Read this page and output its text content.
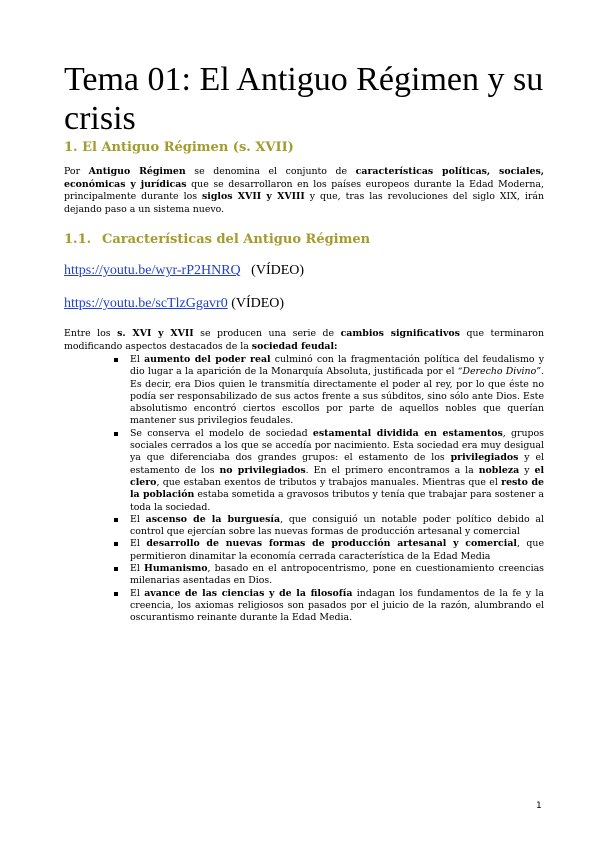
Tema 01: El Antiguo Régimen y su crisis
1. El Antiguo Régimen (s. XVII)
Por Antiguo Régimen se denomina el conjunto de características políticas, sociales, económicas y jurídicas que se desarrollaron en los países europeos durante la Edad Moderna, principalmente durante los siglos XVII y XVIII y que, tras las revoluciones del siglo XIX, irán dejando paso a un sistema nuevo.
1.1. Características del Antiguo Régimen
https://youtu.be/wyr-rP2HNRQ (VÍDEO)
https://youtu.be/scTlzGgavr0 (VÍDEO)
Entre los s. XVI y XVII se producen una serie de cambios significativos que terminaron modificando aspectos destacados de la sociedad feudal:
El aumento del poder real culminó con la fragmentación política del feudalismo y dio lugar a la aparición de la Monarquía Absoluta, justificada por el “Derecho Divino”. Es decir, era Dios quien le transmitía directamente el poder al rey, por lo que éste no podía ser responsabilizado de sus actos frente a sus súbditos, sino sólo ante Dios. Este absolutismo encontró ciertos escollos por parte de aquellos nobles que querían mantener sus privilegios feudales.
Se conserva el modelo de sociedad estamental dividida en estamentos, grupos sociales cerrados a los que se accedía por nacimiento. Esta sociedad era muy desigual ya que diferenciaba dos grandes grupos: el estamento de los privilegiados y el estamento de los no privilegiados. En el primero encontramos a la nobleza y el clero, que estaban exentos de tributos y trabajos manuales. Mientras que el resto de la población estaba sometida a gravosos tributos y tenía que trabajar para sostener a toda la sociedad.
El ascenso de la burguesía, que consiguió un notable poder político debido al control que ejercían sobre las nuevas formas de producción artesanal y comercial
El desarrollo de nuevas formas de producción artesanal y comercial, que permitieron dinamitar la economía cerrada característica de la Edad Media
El Humanismo, basado en el antropocentrismo, pone en cuestionamiento creencias milenarias asentadas en Dios.
El avance de las ciencias y de la filosofía indagan los fundamentos de la fe y la creencia, los axiomas religiosos son pasados por el juicio de la razón, alumbrando el oscurantismo reinante durante la Edad Media.
1
